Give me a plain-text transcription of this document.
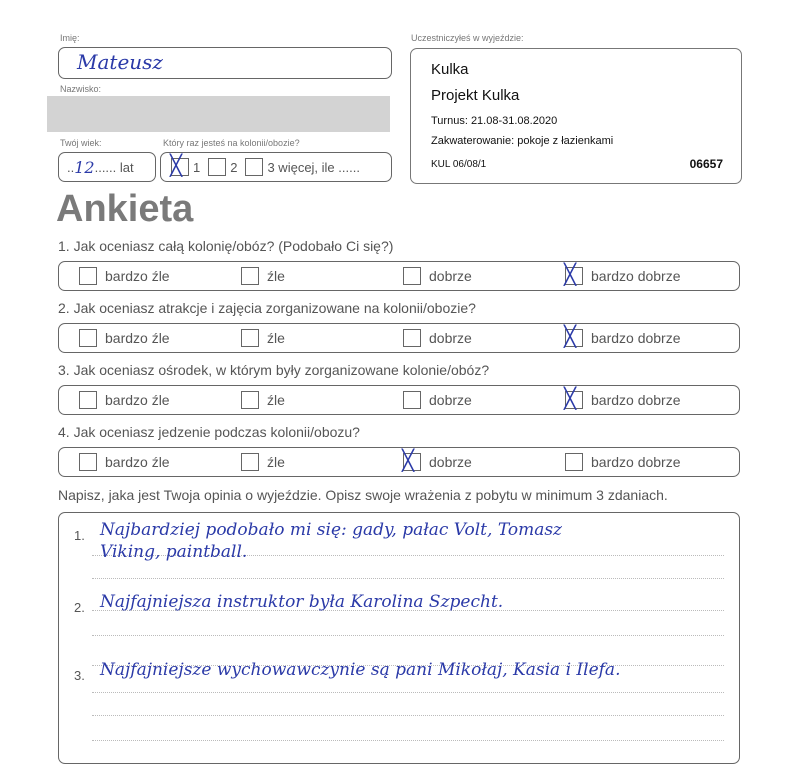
Imię:
Mateusz
Nazwisko:
Twój wiek:
.. 12 ...... lat
Który raz jesteś na kolonii/obozie?
╳ 1 2 3 więcej, ile ......
Uczestniczyłeś w wyjeździe:
Kulka
Projekt Kulka
Turnus: 21.08-31.08.2020
Zakwaterowanie: pokoje z łazienkami
KUL 06/08/1	06657
Ankieta
1. Jak oceniasz całą kolonię/obóz? (Podobało Ci się?)
bardzo źle	źle	dobrze	╳ bardzo dobrze
2. Jak oceniasz atrakcje i zajęcia zorganizowane na kolonii/obozie?
bardzo źle	źle	dobrze	╳ bardzo dobrze
3. Jak oceniasz ośrodek, w którym były zorganizowane kolonie/obóz?
bardzo źle	źle	dobrze	╳ bardzo dobrze
4. Jak oceniasz jedzenie podczas kolonii/obozu?
bardzo źle	źle	╳ dobrze	bardzo dobrze
Napisz, jaka jest Twoja opinia o wyjeździe. Opisz swoje wrażenia z pobytu w minimum 3 zdaniach.
1. Najbardziej podobało mi się: gady, pałac Volt, Tomasz
Viking, paintball.
2. Najfajniejsza instruktor była Karolina Szpecht.
3. Najfajniejsze wychowawczynie są pani Mikołaj, Kasia i Ilefa.
